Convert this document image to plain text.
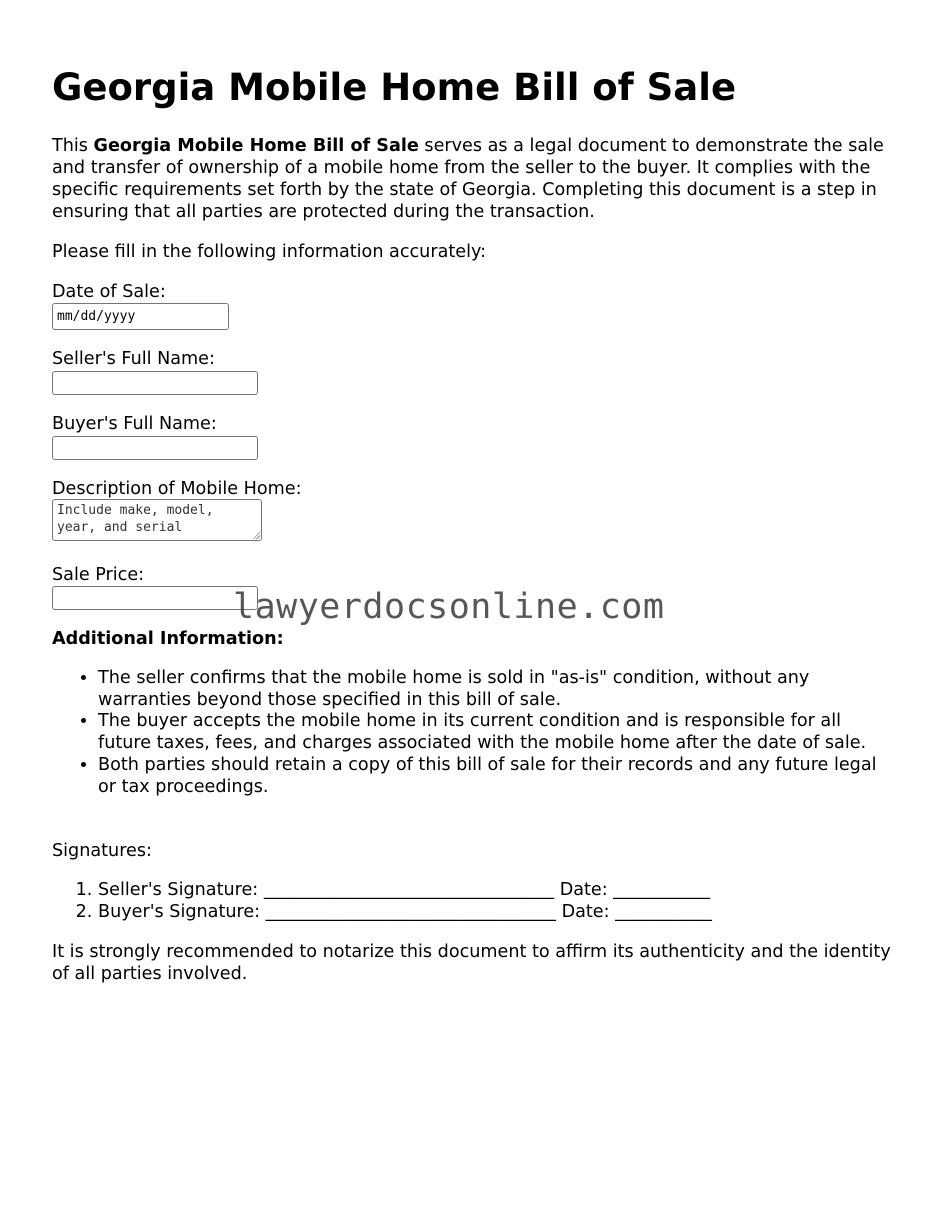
Georgia Mobile Home Bill of Sale

This Georgia Mobile Home Bill of Sale serves as a legal document to demonstrate the sale and transfer of ownership of a mobile home from the seller to the buyer. It complies with the specific requirements set forth by the state of Georgia. Completing this document is a step in ensuring that all parties are protected during the transaction.

Please fill in the following information accurately:

Date of Sale:
mm/dd/yyyy
Seller's Full Name:
Buyer's Full Name:
Description of Mobile Home:
Include make, model,
year, and serial
Sale Price:
Additional Information:
• The seller confirms that the mobile home is sold in "as-is" condition, without any warranties beyond those specified in this bill of sale.
• The buyer accepts the mobile home in its current condition and is responsible for all future taxes, fees, and charges associated with the mobile home after the date of sale.
• Both parties should retain a copy of this bill of sale for their records and any future legal or tax proceedings.
Signatures:
1. Seller's Signature: _________________________________ Date: ___________
2. Buyer's Signature: _________________________________ Date: ___________

It is strongly recommended to notarize this document to affirm its authenticity and the identity of all parties involved.

lawyerdocsonline.com
